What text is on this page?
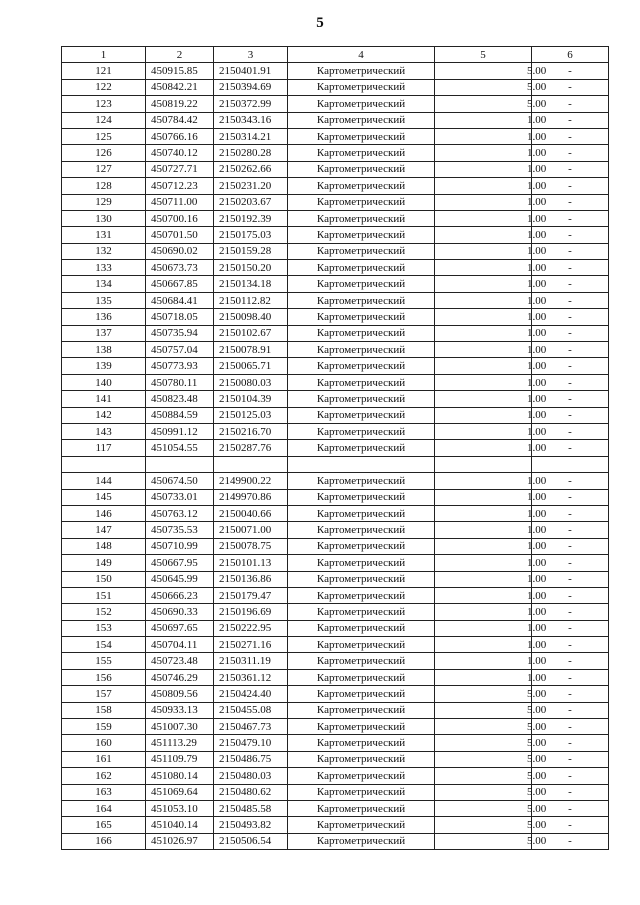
5
1	2	3	4	5	6
121	450915.85	2150401.91	Картометрический	5.00	-
122	450842.21	2150394.69	Картометрический	5.00	-
123	450819.22	2150372.99	Картометрический	5.00	-
124	450784.42	2150343.16	Картометрический	1.00	-
125	450766.16	2150314.21	Картометрический	1.00	-
126	450740.12	2150280.28	Картометрический	1.00	-
127	450727.71	2150262.66	Картометрический	1.00	-
128	450712.23	2150231.20	Картометрический	1.00	-
129	450711.00	2150203.67	Картометрический	1.00	-
130	450700.16	2150192.39	Картометрический	1.00	-
131	450701.50	2150175.03	Картометрический	1.00	-
132	450690.02	2150159.28	Картометрический	1.00	-
133	450673.73	2150150.20	Картометрический	1.00	-
134	450667.85	2150134.18	Картометрический	1.00	-
135	450684.41	2150112.82	Картометрический	1.00	-
136	450718.05	2150098.40	Картометрический	1.00	-
137	450735.94	2150102.67	Картометрический	1.00	-
138	450757.04	2150078.91	Картометрический	1.00	-
139	450773.93	2150065.71	Картометрический	1.00	-
140	450780.11	2150080.03	Картометрический	1.00	-
141	450823.48	2150104.39	Картометрический	1.00	-
142	450884.59	2150125.03	Картометрический	1.00	-
143	450991.12	2150216.70	Картометрический	1.00	-
117	451054.55	2150287.76	Картометрический	1.00	-

144	450674.50	2149900.22	Картометрический	1.00	-
145	450733.01	2149970.86	Картометрический	1.00	-
146	450763.12	2150040.66	Картометрический	1.00	-
147	450735.53	2150071.00	Картометрический	1.00	-
148	450710.99	2150078.75	Картометрический	1.00	-
149	450667.95	2150101.13	Картометрический	1.00	-
150	450645.99	2150136.86	Картометрический	1.00	-
151	450666.23	2150179.47	Картометрический	1.00	-
152	450690.33	2150196.69	Картометрический	1.00	-
153	450697.65	2150222.95	Картометрический	1.00	-
154	450704.11	2150271.16	Картометрический	1.00	-
155	450723.48	2150311.19	Картометрический	1.00	-
156	450746.29	2150361.12	Картометрический	1.00	-
157	450809.56	2150424.40	Картометрический	5.00	-
158	450933.13	2150455.08	Картометрический	5.00	-
159	451007.30	2150467.73	Картометрический	5.00	-
160	451113.29	2150479.10	Картометрический	5.00	-
161	451109.79	2150486.75	Картометрический	5.00	-
162	451080.14	2150480.03	Картометрический	5.00	-
163	451069.64	2150480.62	Картометрический	5.00	-
164	451053.10	2150485.58	Картометрический	5.00	-
165	451040.14	2150493.82	Картометрический	5.00	-
166	451026.97	2150506.54	Картометрический	5.00	-
